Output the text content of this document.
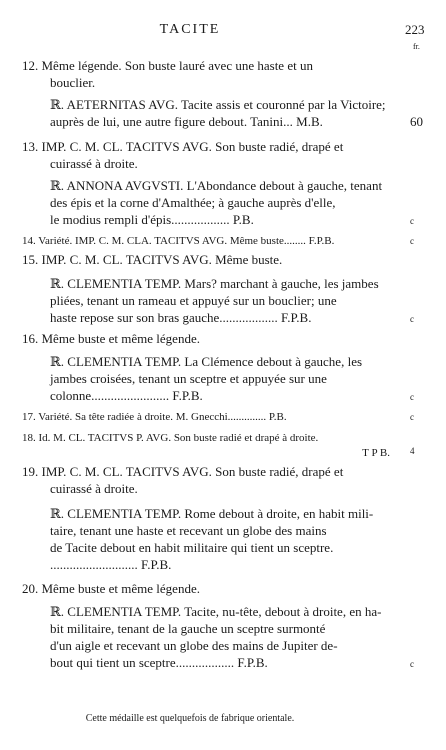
TACITE	223
fr.
12. Même légende. Son buste lauré avec une haste et un
bouclier.
ℝ. AETERNITAS AVG. Tacite assis et couronné par la Victoire;
auprès de lui, une autre figure debout. Tanini... M.B.
13. IMP. C. M. CL. TACITVS AVG. Son buste radié, drapé et
cuirassé à droite.
ℝ. ANNONA AVGVSTI. L'Abondance debout à gauche, tenant
des épis et la corne d'Amalthée; à gauche auprès d'elle,
le modius rempli d'épis.................. P.B.
14. Variété. IMP. C. M. CLA. TACITVS AVG. Même buste........ F.P.B.
15. IMP. C. M. CL. TACITVS AVG. Même buste.
ℝ. CLEMENTIA TEMP. Mars? marchant à gauche, les jambes
pliées, tenant un rameau et appuyé sur un bouclier; une
haste repose sur son bras gauche.................. F.P.B.
16. Même buste et même légende.
ℝ. CLEMENTIA TEMP. La Clémence debout à gauche, les
jambes croisées, tenant un sceptre et appuyée sur une
colonne........................ F.P.B.
17. Variété. Sa tête radiée à droite. M. Gnecchi.............. P.B.
18. Id. M. CL. TACITVS P. AVG. Son buste radié et drapé à droite.
T P B.
19. IMP. C. M. CL. TACITVS AVG. Son buste radié, drapé et
cuirassé à droite.
ℝ. CLEMENTIA TEMP. Rome debout à droite, en habit mili-
taire, tenant une haste et recevant un globe des mains
de Tacite debout en habit militaire qui tient un sceptre.
........................... F.P.B.
20. Même buste et même légende.
ℝ. CLEMENTIA TEMP. Tacite, nu-tête, debout à droite, en ha-
bit militaire, tenant de la gauche un sceptre surmonté
d'un aigle et recevant un globe des mains de Jupiter de-
bout qui tient un sceptre.................. F.P.B.
60
c
c
c
c
c
4
c
Cette médaille est quelquefois de fabrique orientale.
